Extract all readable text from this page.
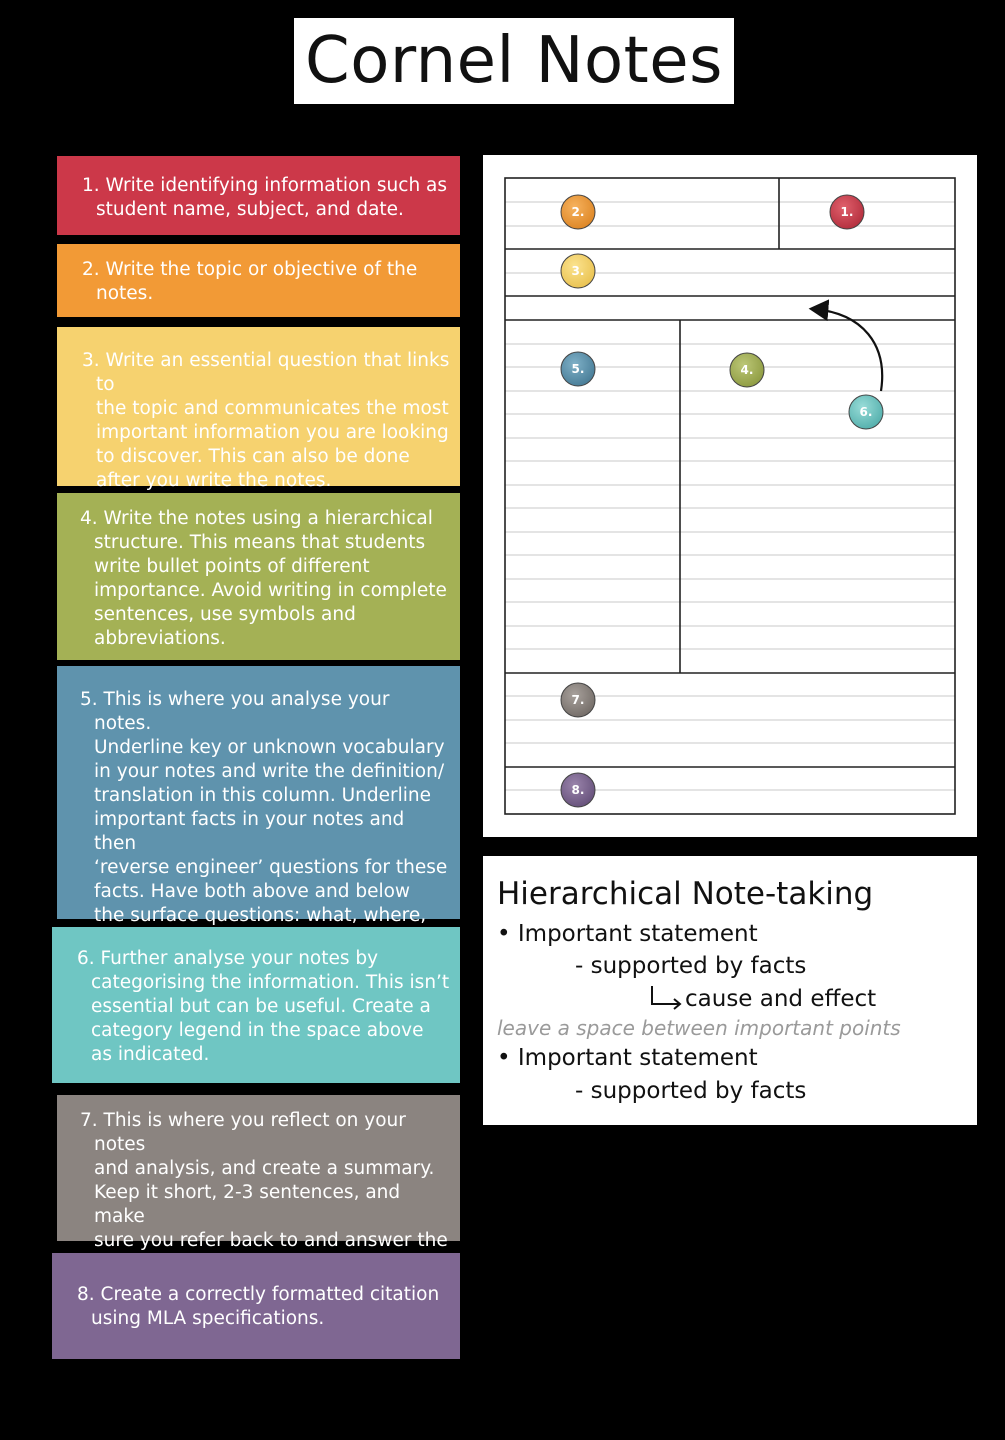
Cornel Notes
1. Write identifying information such as
student name, subject, and date.
2. Write the topic or objective of the
notes.
3. Write an essential question that links to
the topic and communicates the most
important information you are looking
to discover. This can also be done
after you write the notes.
4. Write the notes using a hierarchical
structure. This means that students
write bullet points of different
importance. Avoid writing in complete
sentences, use symbols and
abbreviations.
5. This is where you analyse your notes.
Underline key or unknown vocabulary
in your notes and write the definition/
translation in this column. Underline
important facts in your notes and then
‘reverse engineer’ questions for these
facts. Have both above and below
the surface questions: what, where,

6. Further analyse your notes by
categorising the information. This isn’t
essential but can be useful. Create a
category legend in the space above
as indicated.
7. This is where you reflect on your notes
and analysis, and create a summary.
Keep it short, 2-3 sentences, and make
sure you refer back to and answer the

8. Create a correctly formatted citation
using MLA specifications.
1.
2.
3.
4.
5.
6.
7.
8.
Hierarchical Note-taking
• Important statement
- supported by facts
cause and effect
leave a space between important points
• Important statement
- supported by facts
